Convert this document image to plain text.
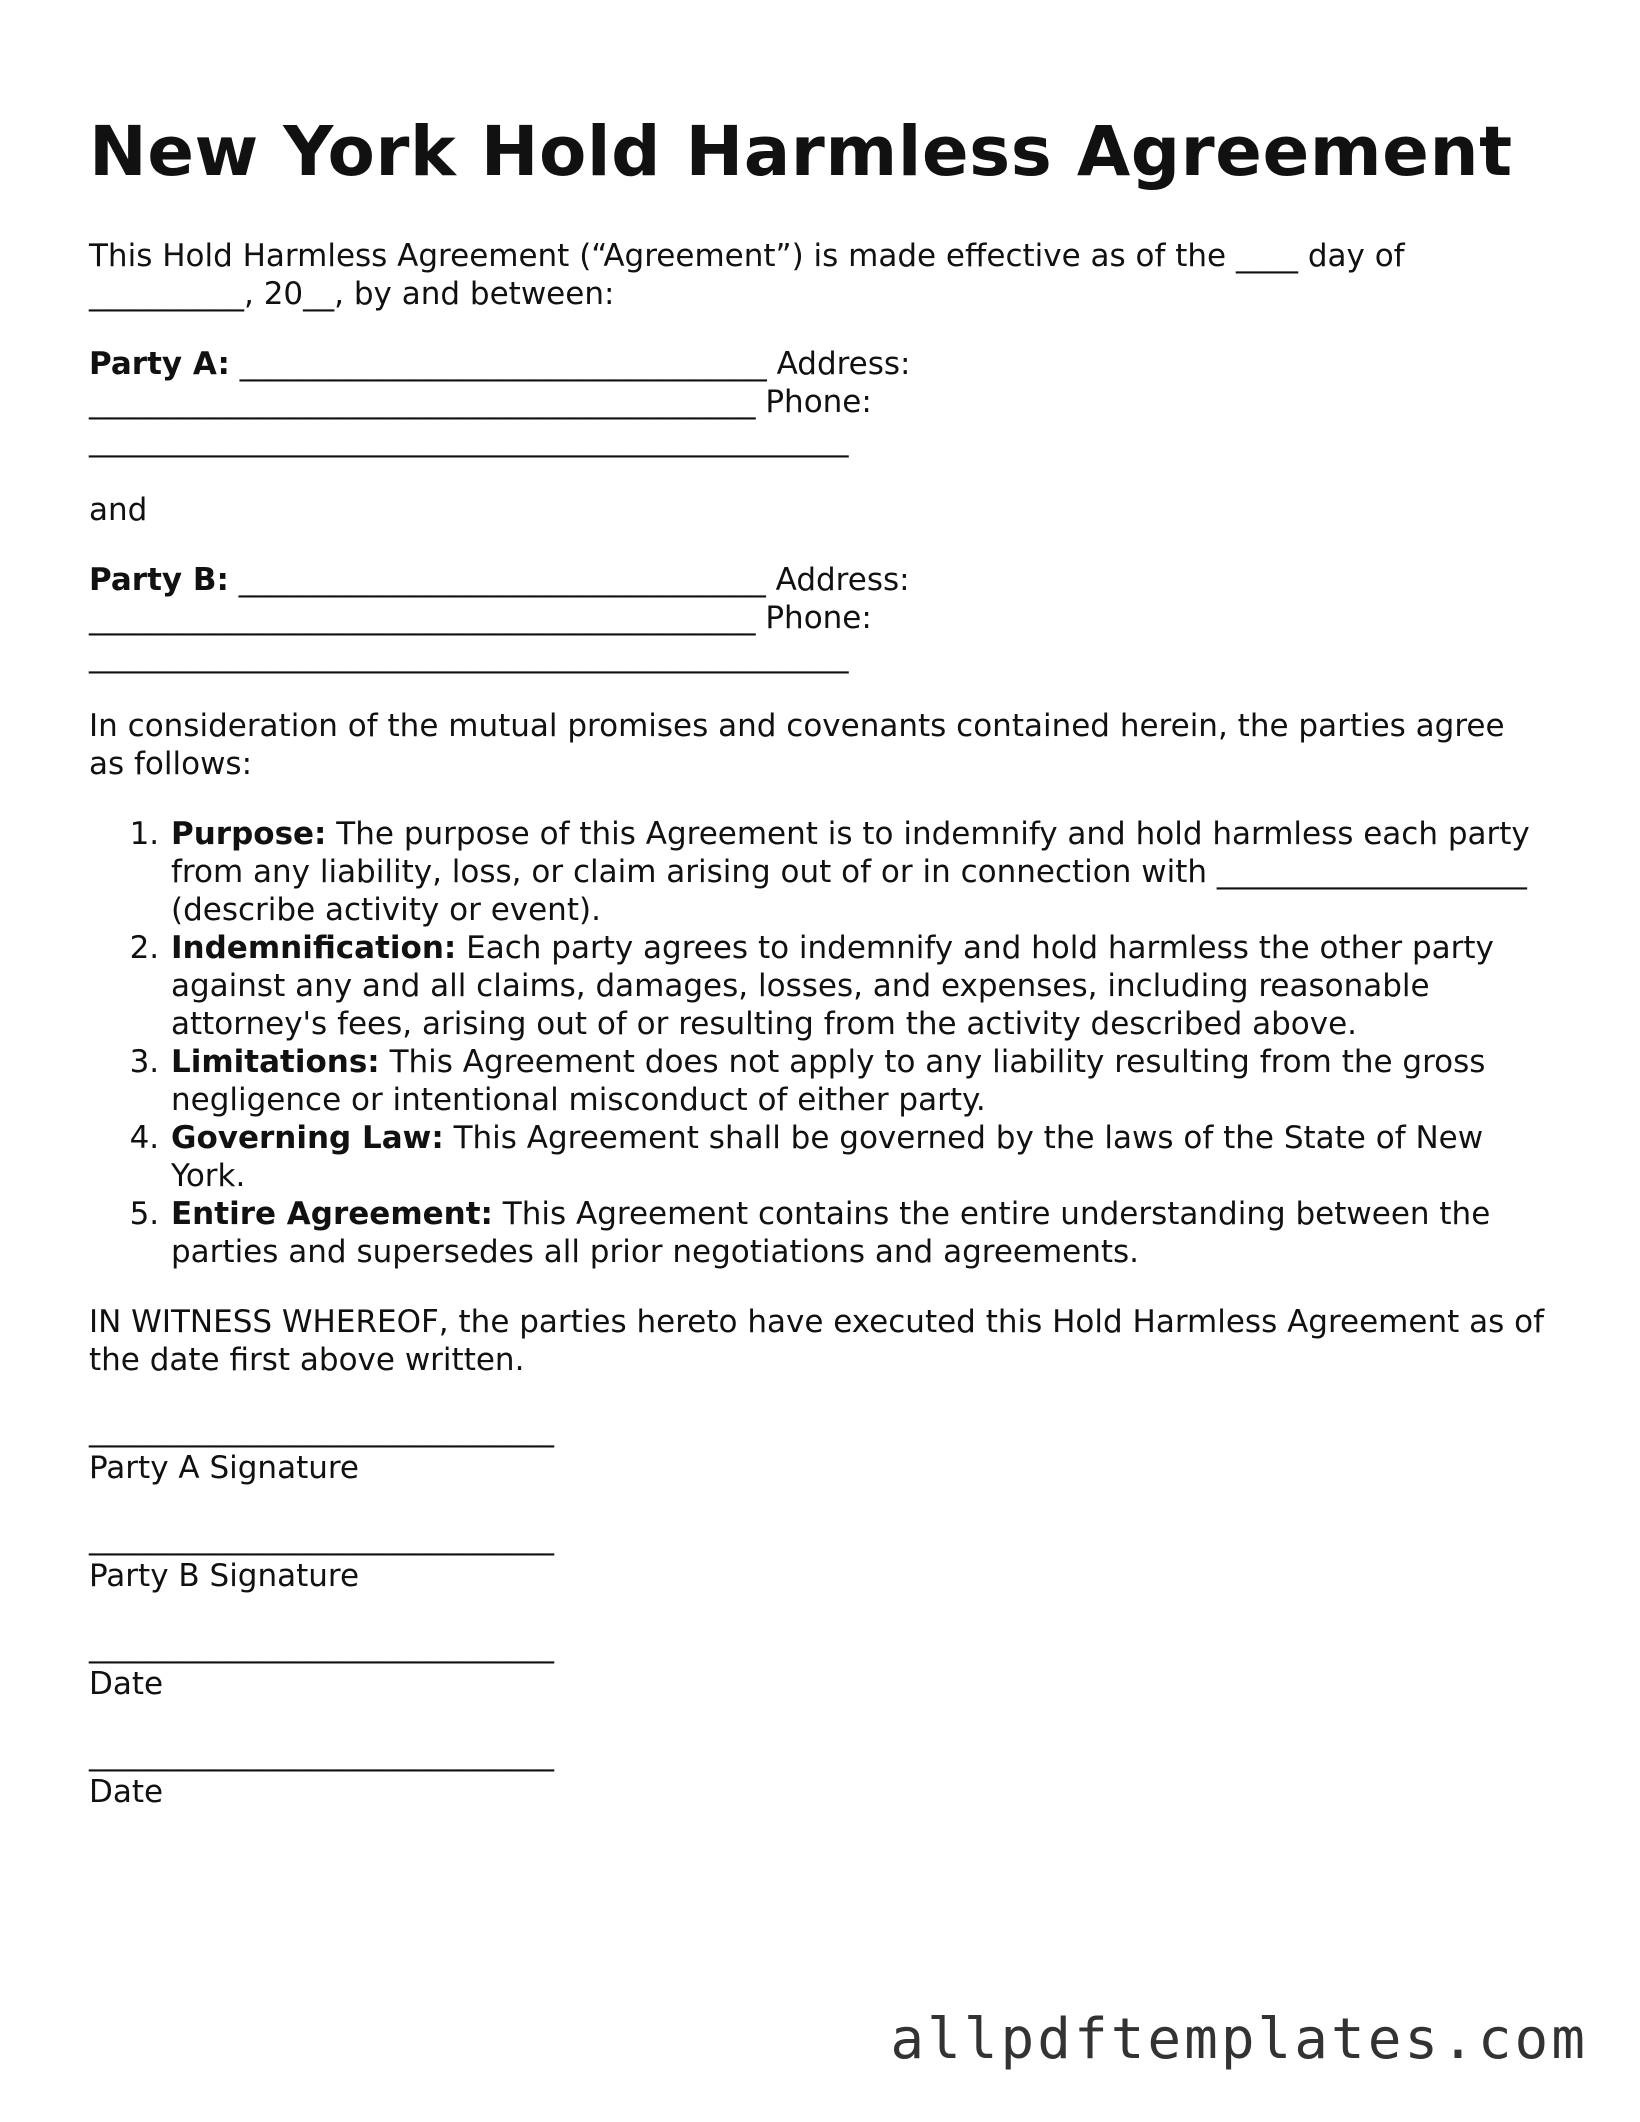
New York Hold Harmless Agreement

This Hold Harmless Agreement (“Agreement”) is made effective as of the ____ day of __________, 20__, by and between:

Party A: __________________________________ Address: ___________________________________________ Phone: _________________________________________________

and

Party B: __________________________________ Address: ___________________________________________ Phone: _________________________________________________

In consideration of the mutual promises and covenants contained herein, the parties agree as follows:

1. Purpose: The purpose of this Agreement is to indemnify and hold harmless each party from any liability, loss, or claim arising out of or in connection with ____________________ (describe activity or event).
2. Indemnification: Each party agrees to indemnify and hold harmless the other party against any and all claims, damages, losses, and expenses, including reasonable attorney's fees, arising out of or resulting from the activity described above.
3. Limitations: This Agreement does not apply to any liability resulting from the gross negligence or intentional misconduct of either party.
4. Governing Law: This Agreement shall be governed by the laws of the State of New York.
5. Entire Agreement: This Agreement contains the entire understanding between the parties and supersedes all prior negotiations and agreements.

IN WITNESS WHEREOF, the parties hereto have executed this Hold Harmless Agreement as of the date first above written.

______________________________
Party A Signature
______________________________
Party B Signature
______________________________
Date
______________________________
Date
allpdftemplates.com
